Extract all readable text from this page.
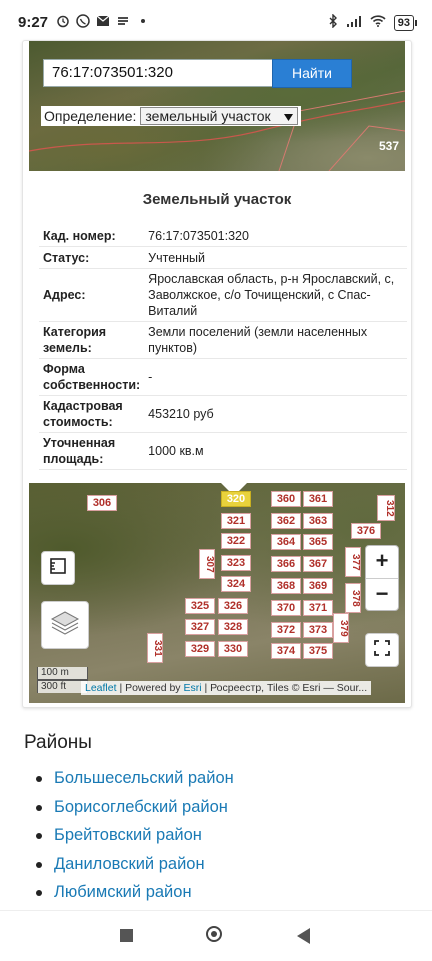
9:27	93
76:17:073501:320	Найти
Определение: земельный участок
537
Земельный участок
Кад. номер:	76:17:073501:320
Статус:	Учтенный
Адрес:	Ярославская область, р-н Ярославский, с, Заволжское, с/о Точищенский, с Спас-Виталий
Категория земель:	Земли поселений (земли населенных пунктов)
Форма собственности:	-
Кадастровая стоимость:	453210 руб
Уточненная площадь:	1000 кв.м
306	320
321
322
323
324
325	326
327	328
329	330
331
307
360	361
362	363
364	365
366	367
368	369
370	371
372	373
374	375
376
377
378
379
312
+
−
100 m
300 ft	Leaflet | Powered by Esri | Росреестр, Tiles © Esri — Sour...
Районы
Большесельский район
Борисоглебский район
Брейтовский район
Даниловский район
Любимский район
